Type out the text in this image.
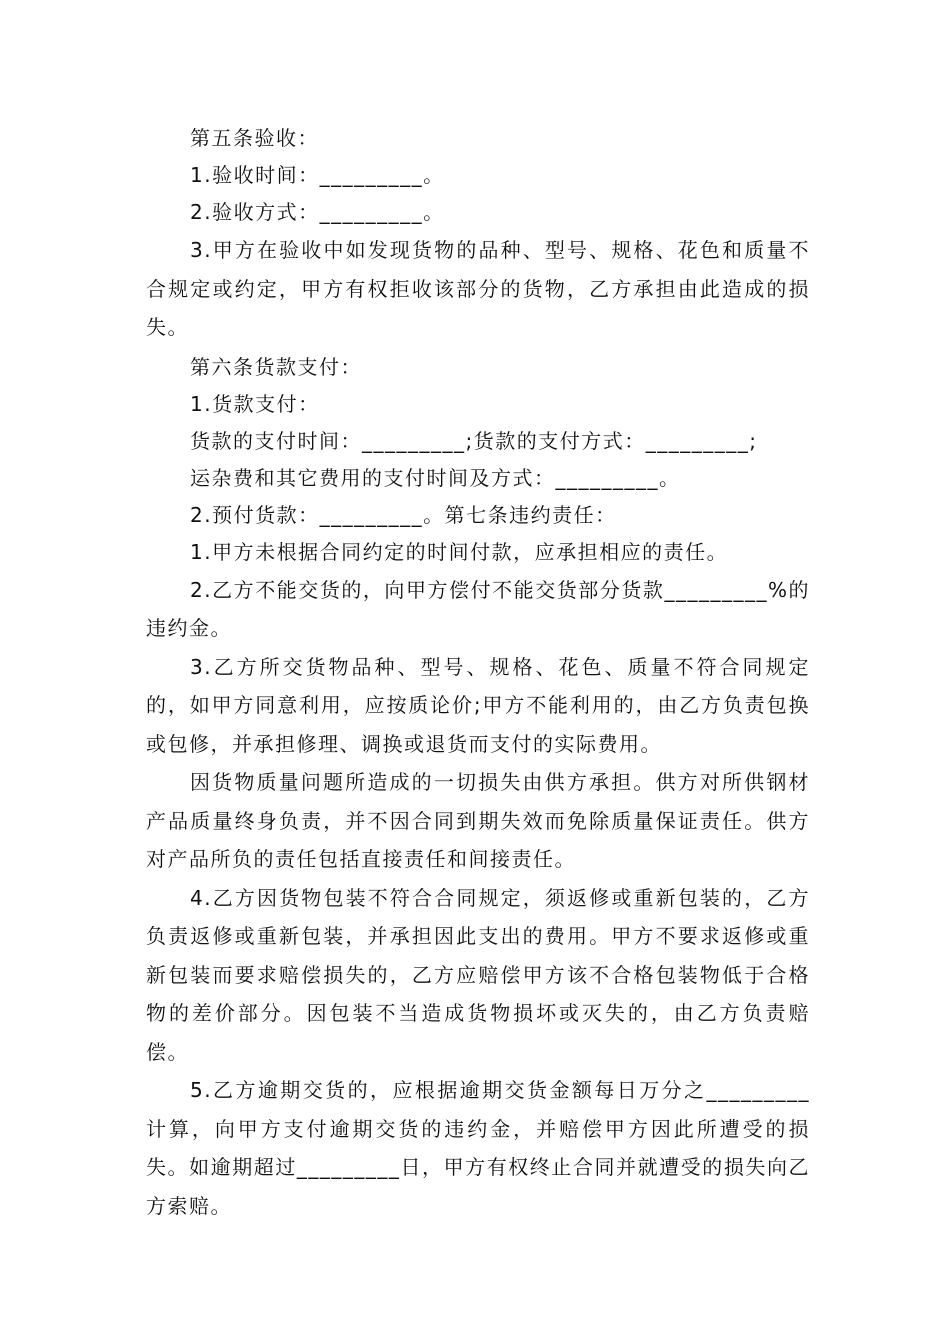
第五条验收：

1.验收时间：_________。

2.验收方式：_________。

3.甲方在验收中如发现货物的品种、型号、规格、花色和质量不合规定或约定，甲方有权拒收该部分的货物，乙方承担由此造成的损失。

第六条货款支付：

1.货款支付：

货款的支付时间：_________;货款的支付方式：_________;

运杂费和其它费用的支付时间及方式：_________。

2.预付货款：_________。第七条违约责任：

1.甲方未根据合同约定的时间付款，应承担相应的责任。

2.乙方不能交货的，向甲方偿付不能交货部分货款_________%的违约金。

3.乙方所交货物品种、型号、规格、花色、质量不符合同规定的，如甲方同意利用，应按质论价;甲方不能利用的，由乙方负责包换或包修，并承担修理、调换或退货而支付的实际费用。

因货物质量问题所造成的一切损失由供方承担。供方对所供钢材产品质量终身负责，并不因合同到期失效而免除质量保证责任。供方对产品所负的责任包括直接责任和间接责任。

4.乙方因货物包装不符合合同规定，须返修或重新包装的，乙方负责返修或重新包装，并承担因此支出的费用。甲方不要求返修或重新包装而要求赔偿损失的，乙方应赔偿甲方该不合格包装物低于合格物的差价部分。因包装不当造成货物损坏或灭失的，由乙方负责赔偿。

5.乙方逾期交货的，应根据逾期交货金额每日万分之_________计算，向甲方支付逾期交货的违约金，并赔偿甲方因此所遭受的损失。如逾期超过_________日，甲方有权终止合同并就遭受的损失向乙方索赔。
